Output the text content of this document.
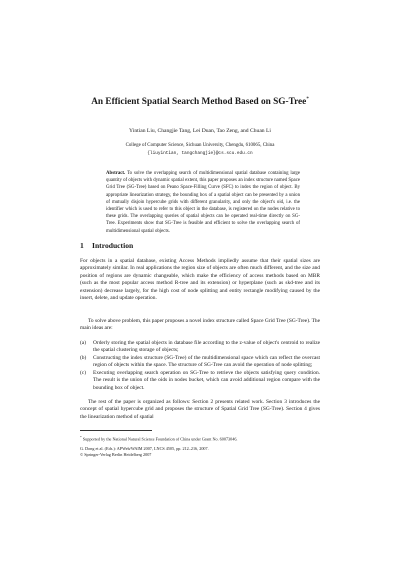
An Efficient Spatial Search Method Based on SG-Tree*
Yintian Liu, Changjie Tang, Lei Duan, Tao Zeng, and Chuan Li
College of Computer Science, Sichuan University, Chengdu, 610065, China
{liuyintian, tangchangjie}@cs.scu.edu.cn
Abstract. To solve the overlapping search of multidimensional spatial database containing large quantity of objects with dynamic spatial extent, this paper proposes an index structure named Space Grid Tree (SG-Tree) based on Peano Space-Filling Curve (SFC) to index the region of object. By appropriate linearization strategy, the bounding box of a spatial object can be presented by a union of mutually disjoin hypercube grids with different granularity, and only the object's oid, i.e. the identifier which is used to refer to this object in the database, is registered on the nodes relative to these grids. The overlapping queries of spatial objects can be operated real-time directly on SG-Tree. Experiments show that SG-Tree is feasible and efficient to solve the overlapping search of multidimensional spatial objects.
1 Introduction
For objects in a spatial database, existing Access Methods impliedly assume that their spatial sizes are approximately similar. In real applications the region size of objects are often much different, and the size and position of regions are dynamic changeable, which make the efficiency of access methods based on MBR (such as the most popular access method R-tree and its extension) or hyperplane (such as skd-tree and its extension) decrease largely, for the high cost of node splitting and entity rectangle modifying caused by the insert, delete, and update operation.
To solve above problem, this paper proposes a novel index structure called Space Grid Tree (SG-Tree). The main ideas are:
(a) Orderly storing the spatial objects in database file according to the z-value of object's centroid to realize the spatial clustering storage of objects;
(b) Constructing the index structure (SG-Tree) of the multidimensional space which can reflect the overcast region of objects within the space. The structure of SG-Tree can avoid the operation of node splitting;
(c) Executing overlapping search operation on SG-Tree to retrieve the objects satisfying query condition. The result is the union of the oids in nodes bucket, which can avoid additional region compare with the bounding box of object.
The rest of the paper is organized as follows: Section 2 presents related work. Section 3 introduces the concept of spatial hypercube grid and proposes the structure of Spatial Grid Tree (SG-Tree). Section 4 gives the linearization method of spatial
* Supported by the National Natural Science Foundation of China under Grant No. 60073046.
G. Dong et al. (Eds.): APWeb/WAIM 2007, LNCS 4505, pp. 212–216, 2007.
© Springer-Verlag Berlin Heidelberg 2007
